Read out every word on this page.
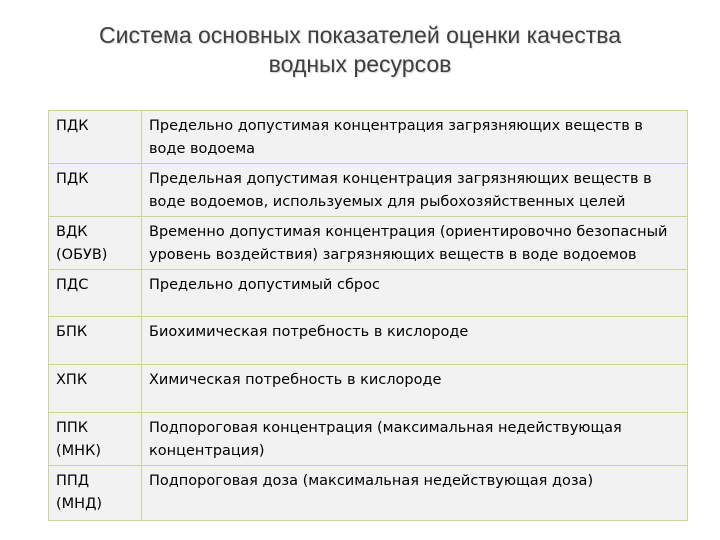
Система основных показателей оценки качества
водных ресурсов
ПДК	Предельно допустимая концентрация загрязняющих веществ в воде водоема
ПДК	Предельная допустимая концентрация загрязняющих веществ в воде водоемов, используемых для рыбохозяйственных целей
ВДК (ОБУВ)	Временно допустимая концентрация (ориентировочно безопасный уровень воздействия) загрязняющих веществ в воде водоемов
ПДС	Предельно допустимый сброс
БПК	Биохимическая потребность в кислороде
ХПК	Химическая потребность в кислороде
ППК (МНК)	Подпороговая концентрация (максимальная недействующая концентрация)
ППД (МНД)	Подпороговая доза (максимальная недействующая доза)
